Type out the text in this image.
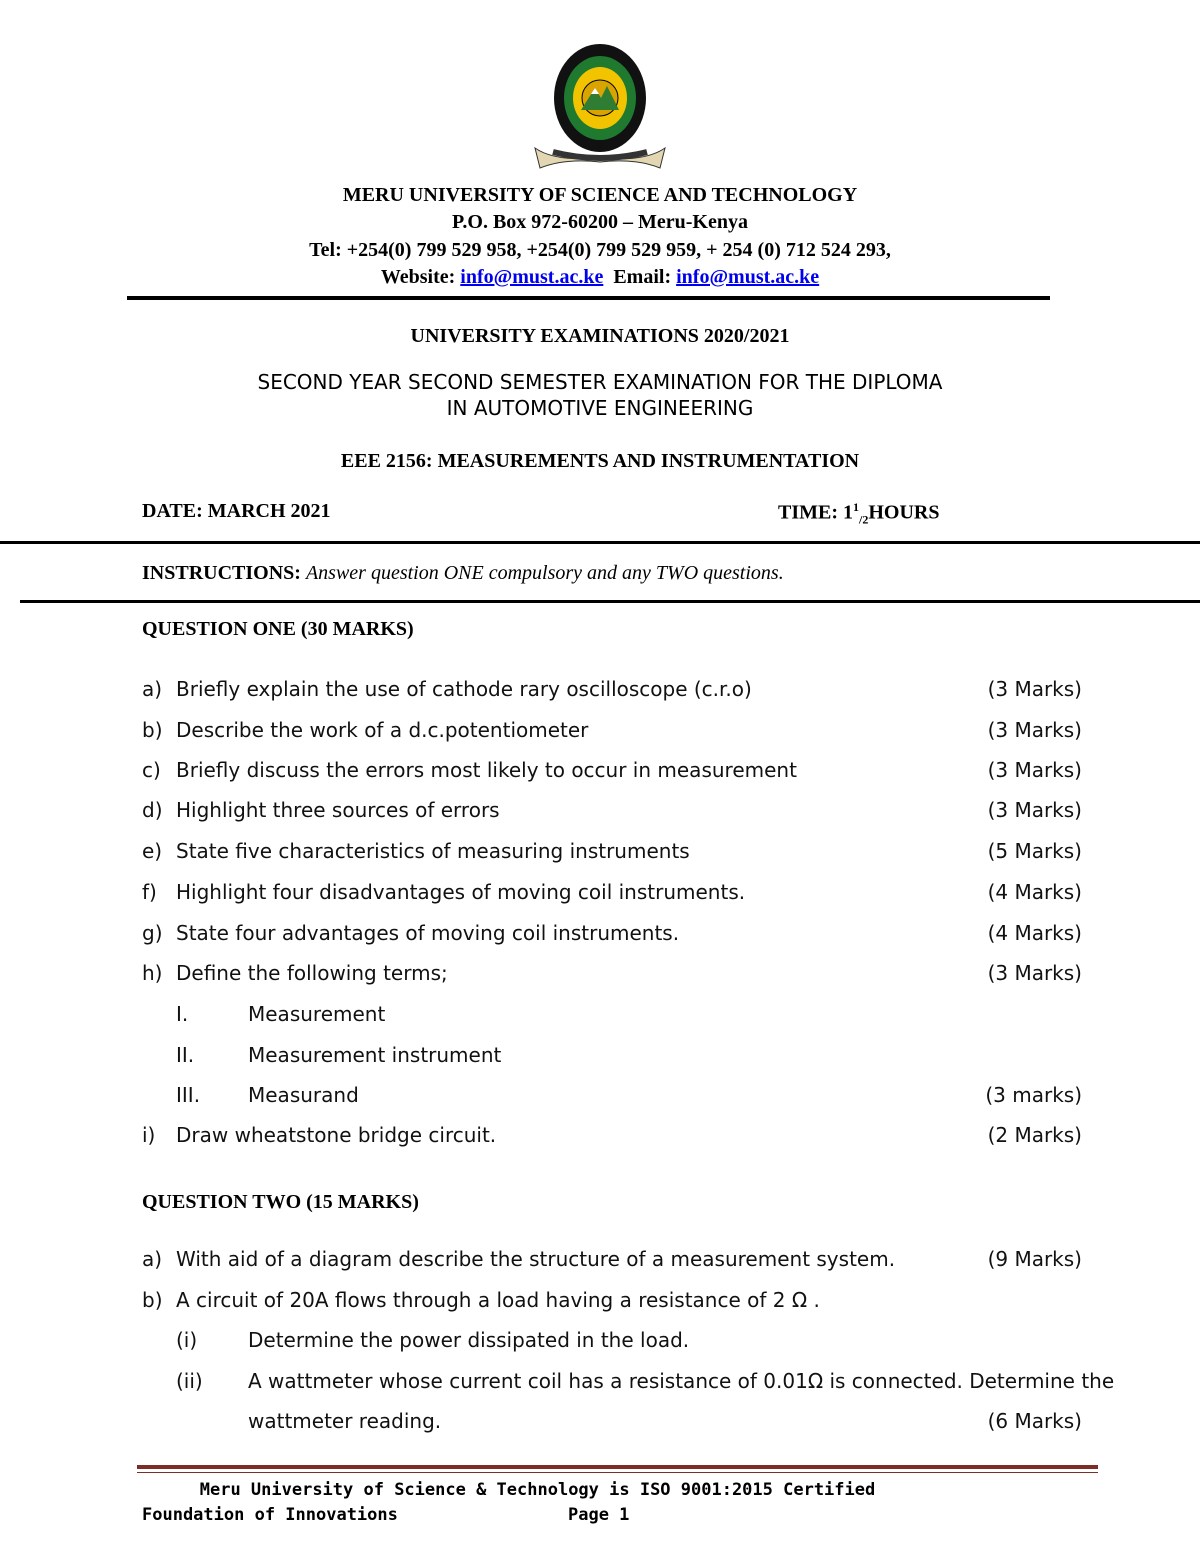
MERU UNIVERSITY OF SCIENCE AND TECHNOLOGY
P.O. Box 972-60200 – Meru-Kenya
Tel: +254(0) 799 529 958, +254(0) 799 529 959, + 254 (0) 712 524 293,
Website: info@must.ac.ke Email: info@must.ac.ke
UNIVERSITY EXAMINATIONS 2020/2021
SECOND YEAR SECOND SEMESTER EXAMINATION FOR THE DIPLOMA
IN AUTOMOTIVE ENGINEERING
EEE 2156: MEASUREMENTS AND INSTRUMENTATION
DATE: MARCH 2021	TIME: $1^1_{/2}HOURS$
INSTRUCTIONS: Answer question ONE compulsory and any TWO questions.
QUESTION ONE (30 MARKS)
a) Briefly explain the use of cathode rary oscilloscope (c.r.o)	(3 Marks)
b) Describe the work of a d.c.potentiometer	(3 Marks)
c) Briefly discuss the errors most likely to occur in measurement	(3 Marks)
d) Highlight three sources of errors	(3 Marks)
e) State five characteristics of measuring instruments	(5 Marks)
f) Highlight four disadvantages of moving coil instruments.	(4 Marks)
g) State four advantages of moving coil instruments.	(4 Marks)
h) Define the following terms;	(3 Marks)
I.	Measurement
II.	Measurement instrument
III. Measurand	(3 marks)
i) Draw wheatstone bridge circuit.	(2 Marks)
QUESTION TWO (15 MARKS)
a) With aid of a diagram describe the structure of a measurement system.	(9 Marks)
b) A circuit of 20A flows through a load having a resistance of 2 Ω .
(i)	Determine the power dissipated in the load.
(ii) A wattmeter whose current coil has a resistance of 0.01Ω is connected. Determine the
wattmeter reading.	(6 Marks)
Meru University of Science & Technology is ISO 9001:2015 Certified
Foundation of Innovations	Page 1
